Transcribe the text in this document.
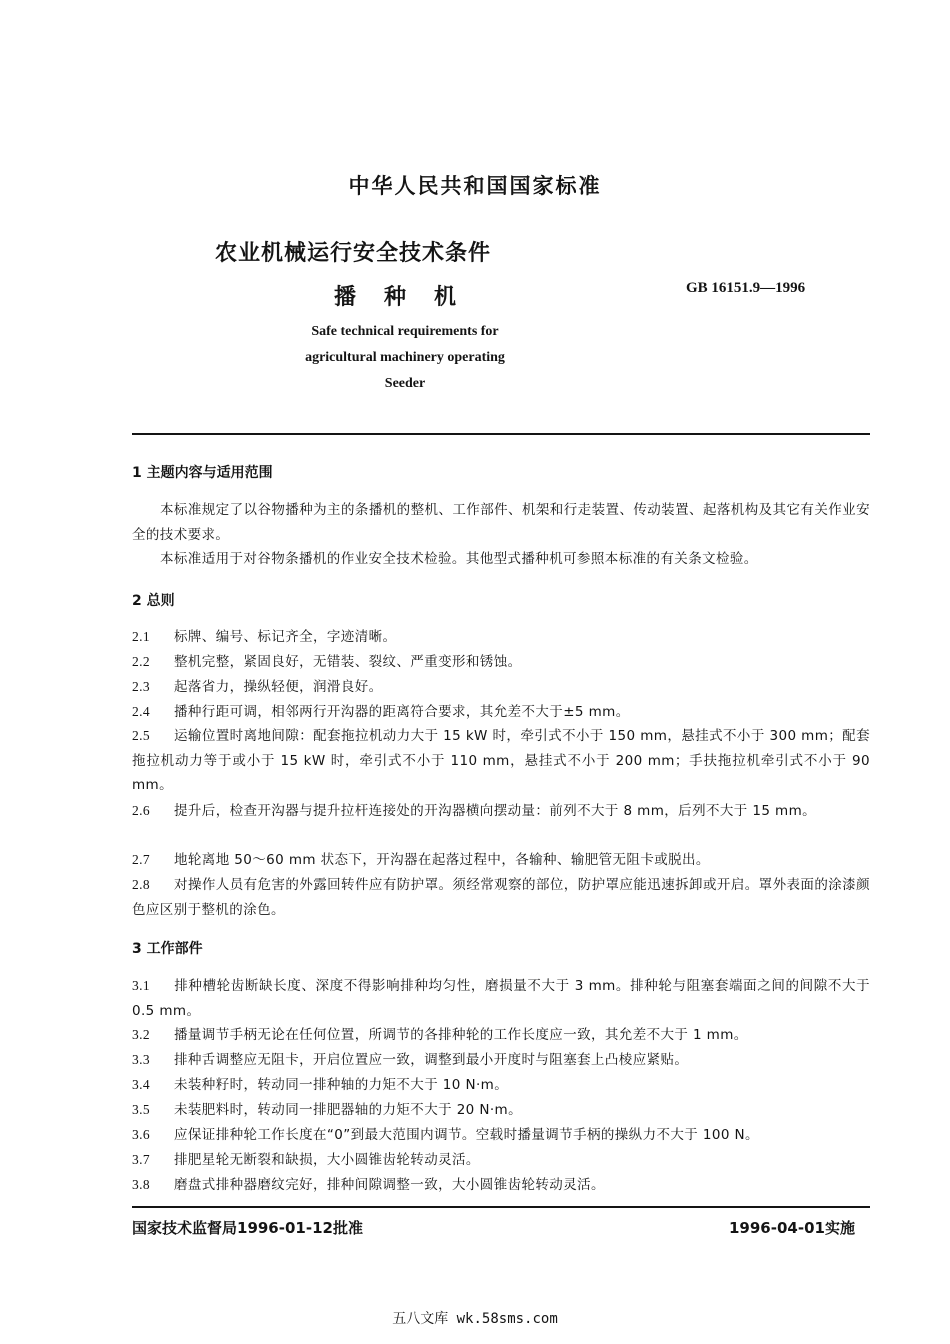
中华人民共和国国家标准
农业机械运行安全技术条件
播种机	GB 16151.9—1996
Safe technical requirements for
agricultural machinery operating
Seeder
1 主题内容与适用范围
本标准规定了以谷物播种为主的条播机的整机、工作部件、机架和行走装置、传动装置、起落机构及其它有关作业安全的技术要求。
本标准适用于对谷物条播机的作业安全技术检验。其他型式播种机可参照本标准的有关条文检验。
2 总则
2.1 标牌、编号、标记齐全，字迹清晰。
2.2 整机完整，紧固良好，无错装、裂纹、严重变形和锈蚀。
2.3 起落省力，操纵轻便，润滑良好。
2.4 播种行距可调，相邻两行开沟器的距离符合要求，其允差不大于±5 mm。
2.5 运输位置时离地间隙：配套拖拉机动力大于 15 kW 时，牵引式不小于 150 mm，悬挂式不小于 300 mm；配套拖拉机动力等于或小于 15 kW 时，牵引式不小于 110 mm，悬挂式不小于 200 mm；手扶拖拉机牵引式不小于 90 mm。
2.6 提升后，检查开沟器与提升拉杆连接处的开沟器横向摆动量：前列不大于 8 mm，后列不大于 15 mm。
2.7 地轮离地 50～60 mm 状态下，开沟器在起落过程中，各输种、输肥管无阻卡或脱出。
2.8 对操作人员有危害的外露回转件应有防护罩。须经常观察的部位，防护罩应能迅速拆卸或开启。罩外表面的涂漆颜色应区别于整机的涂色。
3 工作部件
3.1 排种槽轮齿断缺长度、深度不得影响排种均匀性，磨损量不大于 3 mm。排种轮与阻塞套端面之间的间隙不大于 0.5 mm。
3.2 播量调节手柄无论在任何位置，所调节的各排种轮的工作长度应一致，其允差不大于 1 mm。
3.3 排种舌调整应无阻卡，开启位置应一致，调整到最小开度时与阻塞套上凸棱应紧贴。
3.4 未装种籽时，转动同一排种轴的力矩不大于 10 N·m。
3.5 未装肥料时，转动同一排肥器轴的力矩不大于 20 N·m。
3.6 应保证排种轮工作长度在“0”到最大范围内调节。空载时播量调节手柄的操纵力不大于 100 N。
3.7 排肥星轮无断裂和缺损，大小圆锥齿轮转动灵活。
3.8 磨盘式排种器磨纹完好，排种间隙调整一致，大小圆锥齿轮转动灵活。
国家技术监督局1996-01-12批准	1996-04-01实施
五八文库 wk.58sms.com
